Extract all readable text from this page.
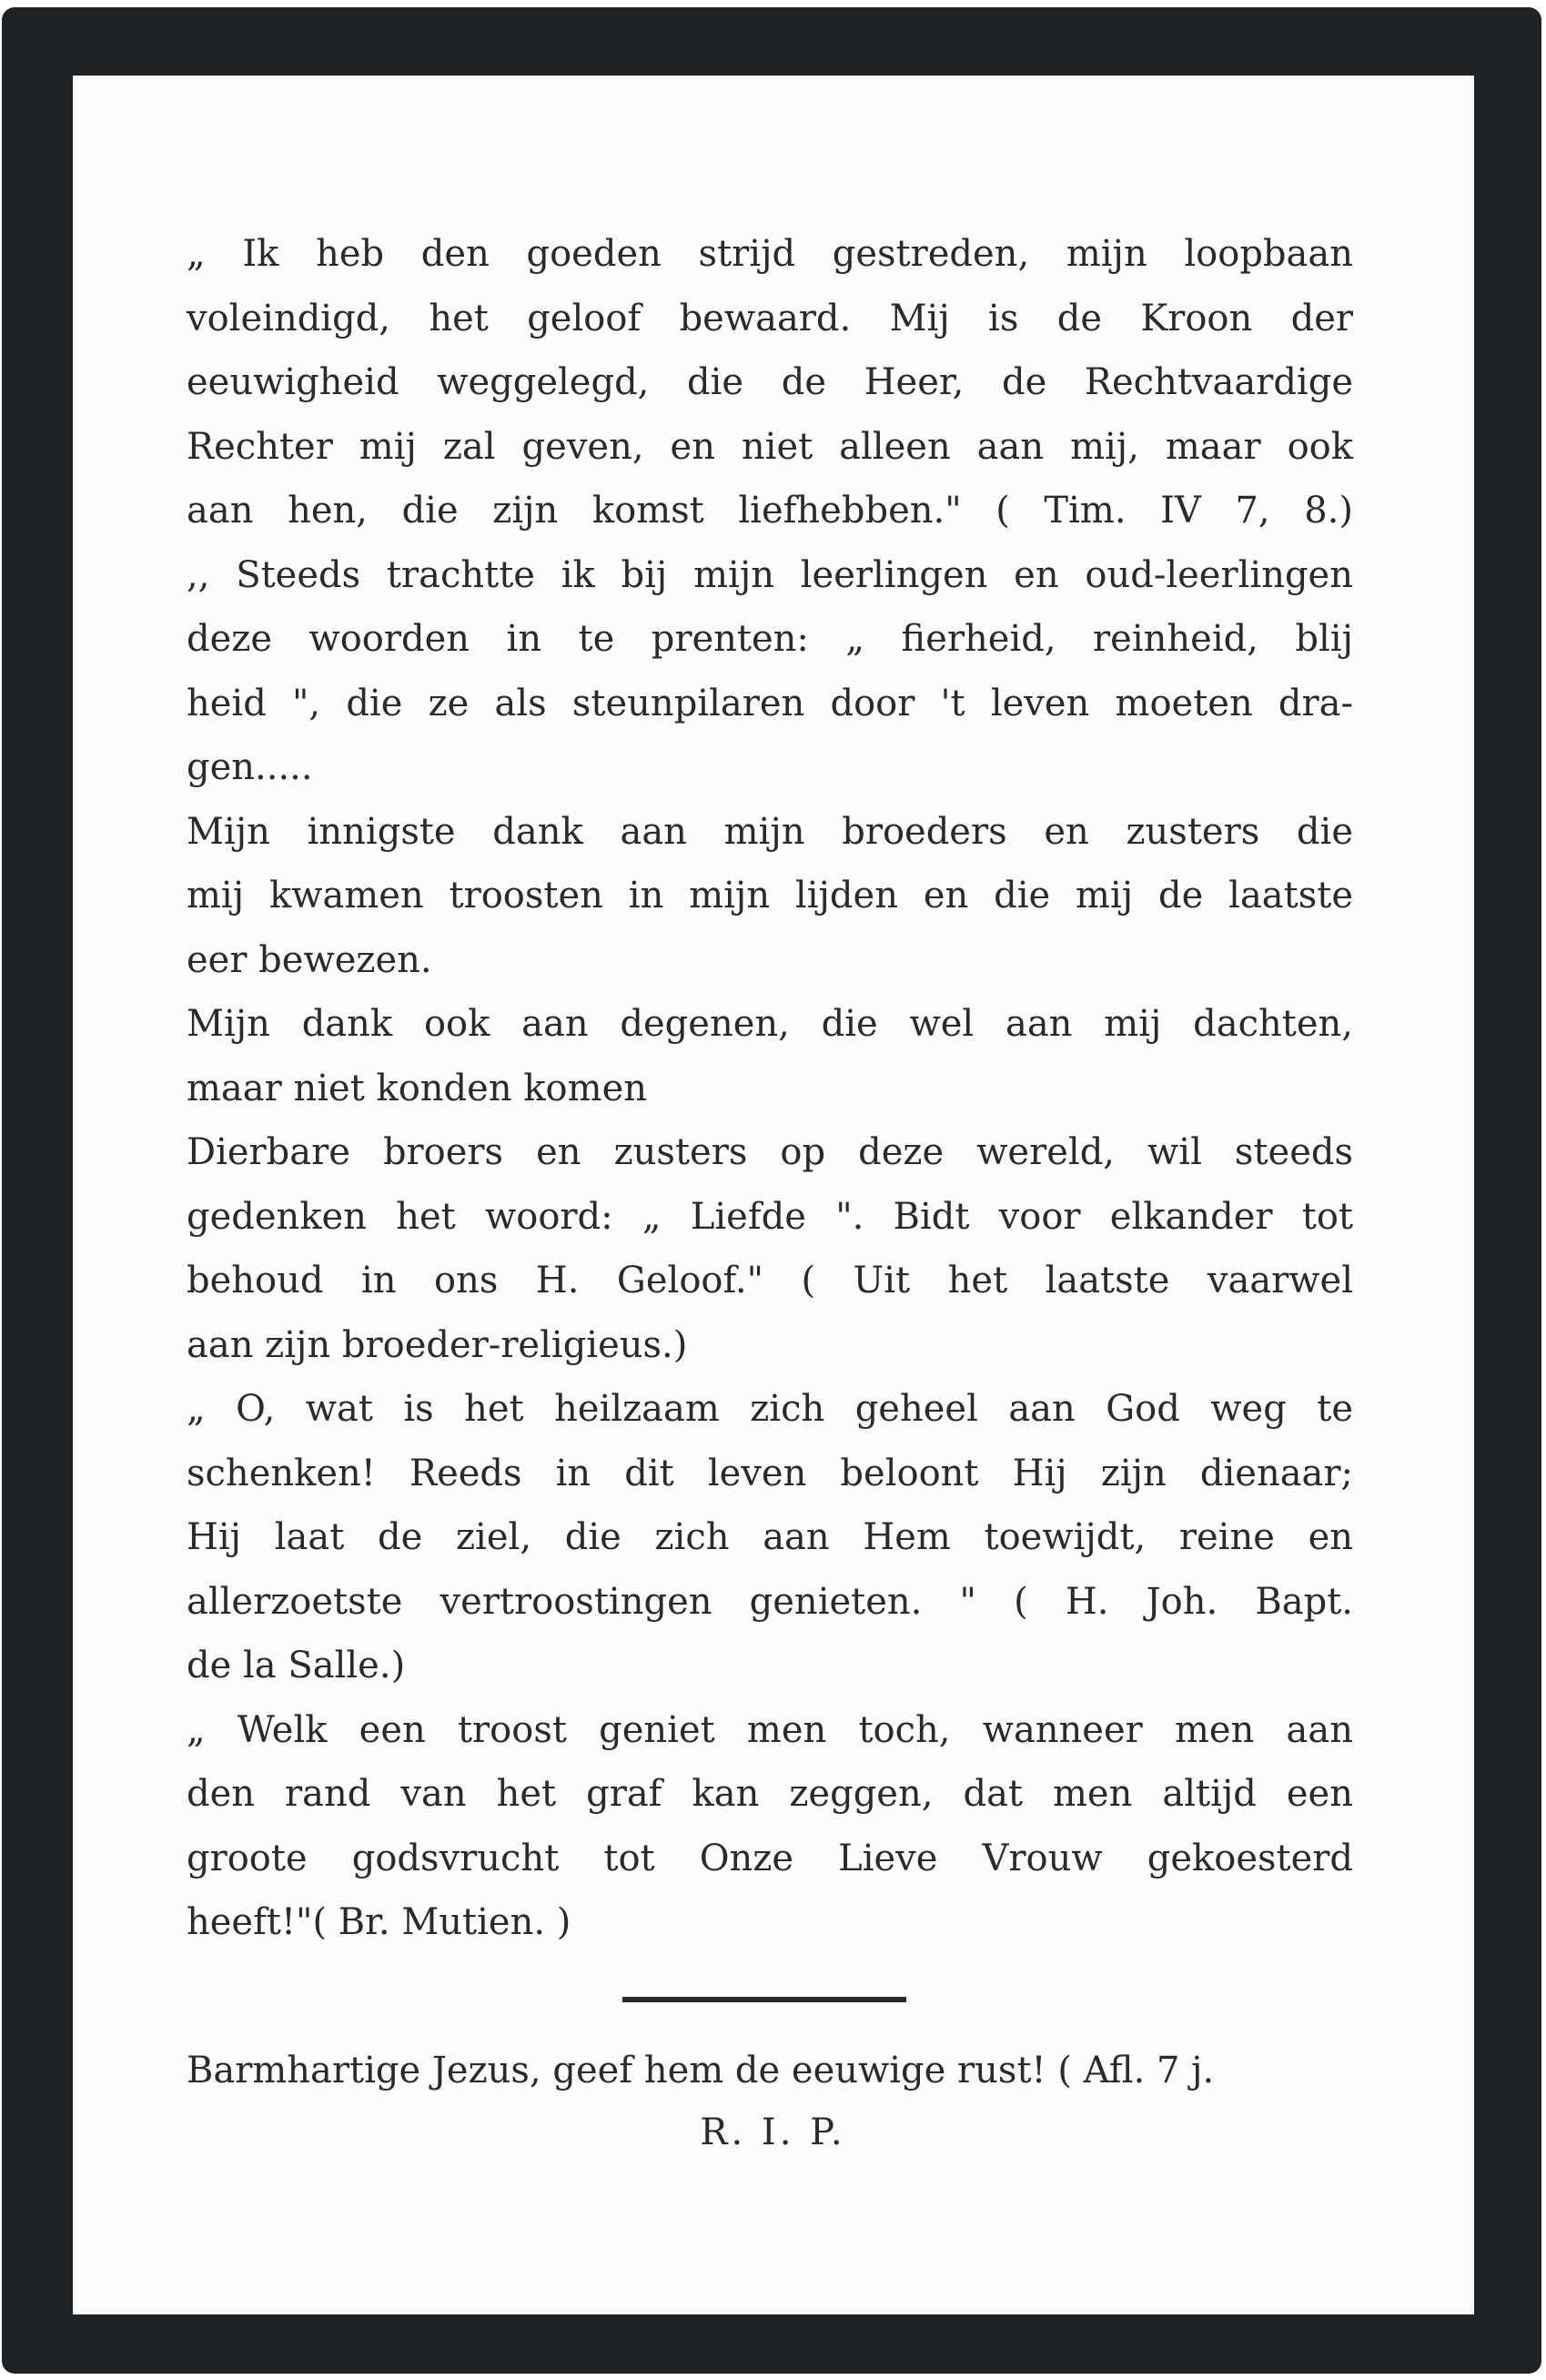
„ Ik heb den goeden strijd gestreden, mijn loopbaan
voleindigd, het geloof bewaard. Mij is de Kroon der
eeuwigheid weggelegd, die de Heer, de Rechtvaardige
Rechter mij zal geven, en niet alleen aan mij, maar ook
aan hen, die zijn komst liefhebben." ( Tim. IV 7, 8.)
,, Steeds trachtte ik bij mijn leerlingen en oud-leerlingen
deze woorden in te prenten: „ fierheid, reinheid, blij
heid ", die ze als steunpilaren door 't leven moeten dra-
gen.....
Mijn innigste dank aan mijn broeders en zusters die
mij kwamen troosten in mijn lijden en die mij de laatste
eer bewezen.
Mijn dank ook aan degenen, die wel aan mij dachten,
maar niet konden komen
Dierbare broers en zusters op deze wereld, wil steeds
gedenken het woord: „ Liefde ". Bidt voor elkander tot
behoud in ons H. Geloof." ( Uit het laatste vaarwel
aan zijn broeder-religieus.)
„ O, wat is het heilzaam zich geheel aan God weg te
schenken! Reeds in dit leven beloont Hij zijn dienaar;
Hij laat de ziel, die zich aan Hem toewijdt, reine en
allerzoetste vertroostingen genieten. " ( H. Joh. Bapt.
de la Salle.)
„ Welk een troost geniet men toch, wanneer men aan
den rand van het graf kan zeggen, dat men altijd een
groote godsvrucht tot Onze Lieve Vrouw gekoesterd
heeft!"( Br. Mutien. )
Barmhartige Jezus, geef hem de eeuwige rust! ( Afl. 7 j.
R. I. P.
